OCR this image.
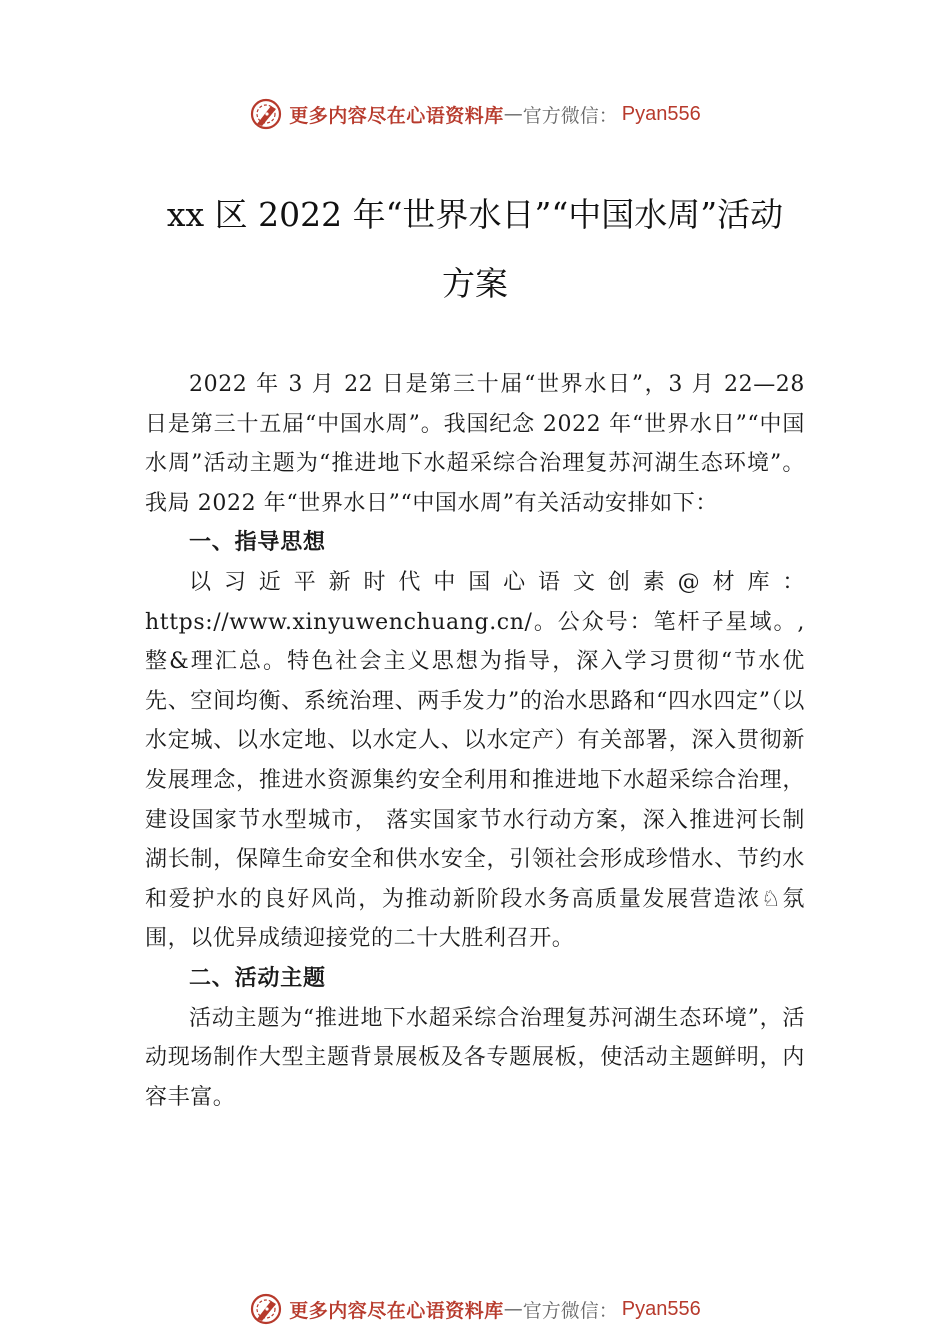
更多内容尽在心语资料库 — 官方微信： Pyan556
xx 区 2022 年“世界水日”“中国水周”活动
方案

2022 年 3 月 22 日是第三十届“世界水日”，3 月 22—28 日是第三十五届“中国水周”。我国纪念 2022 年“世界水日”“中国水周”活动主题为“推进地下水超采综合治理复苏河湖生态环境”。我局 2022 年“世界水日”“中国水周”有关活动安排如下：

一、指导思想

以习近平新时代中国心语文创素@材库：https://www.xinyuwenchuang.cn/。公众号：笔杆子星域。,整&理汇总。特色社会主义思想为指导，深入学习贯彻“节水优先、空间均衡、系统治理、两手发力”的治水思路和“四水四定”（以水定城、以水定地、以水定人、以水定产）有关部署，深入贯彻新发展理念，推进水资源集约安全利用和推进地下水超采综合治理，建设国家节水型城市， 落实国家节水行动方案，深入推进河长制湖长制，保障生命安全和供水安全，引领社会形成珍惜水、节约水和爱护水的良好风尚，为推动新阶段水务高质量发展营造浓♘氛围，以优异成绩迎接党的二十大胜利召开。

二、活动主题

活动主题为“推进地下水超采综合治理复苏河湖生态环境”，活动现场制作大型主题背景展板及各专题展板，使活动主题鲜明，内容丰富。

更多内容尽在心语资料库 — 官方微信： Pyan556
